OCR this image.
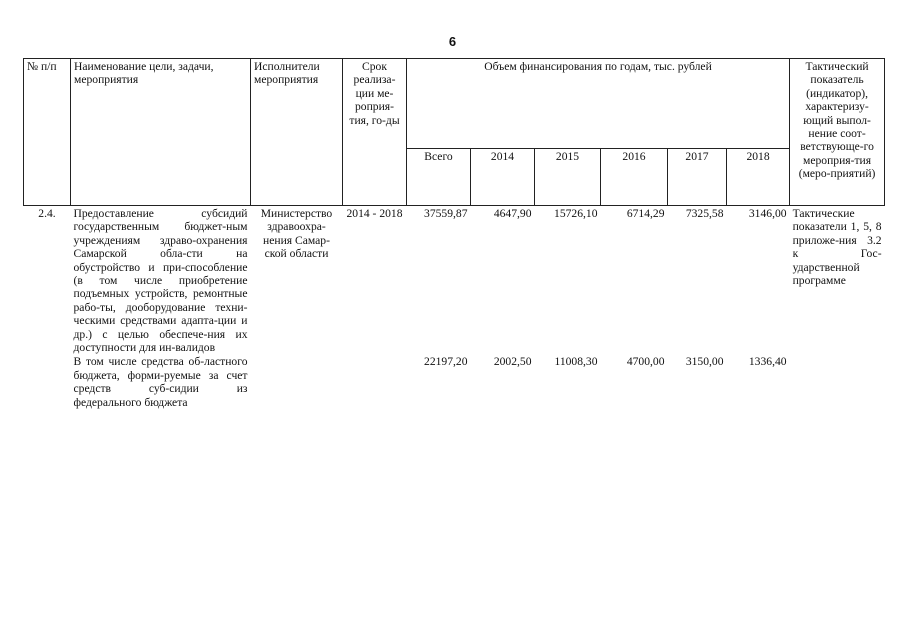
6
№ п/п	Наименование цели, задачи, мероприятия	Исполнители мероприятия	Срок реализа-ции ме-роприя-тия, го-ды	Объем финансирования по годам, тыс. рублей						Тактический показатель (индикатор), характеризу-ющий выпол-нение соот-ветствующе-го мероприя-тия (меро-приятий)
				Всего	2014	2015	2016	2017	2018	
2.4.	Предоставление субсидий государственным бюджет-ным учреждениям здраво-охранения Самарской обла-сти на обустройство и при-способление (в том числе приобретение подъемных устройств, ремонтные рабо-ты, дооборудование техни-ческими средствами адапта-ции и др.) с целью обеспече-ния их доступности для ин-валидов	Министерство здравоохра-нения Самар-ской области	2014 - 2018	37559,87	4647,90	15726,10	6714,29	7325,58	3146,00	Тактические показатели 1, 5, 8 приложе-ния 3.2 к Гос-ударственной программе
	В том числе средства об-ластного бюджета, форми-руемые за счет средств суб-сидии из федерального бюджета			22197,20	2002,50	11008,30	4700,00	3150,00	1336,40	
